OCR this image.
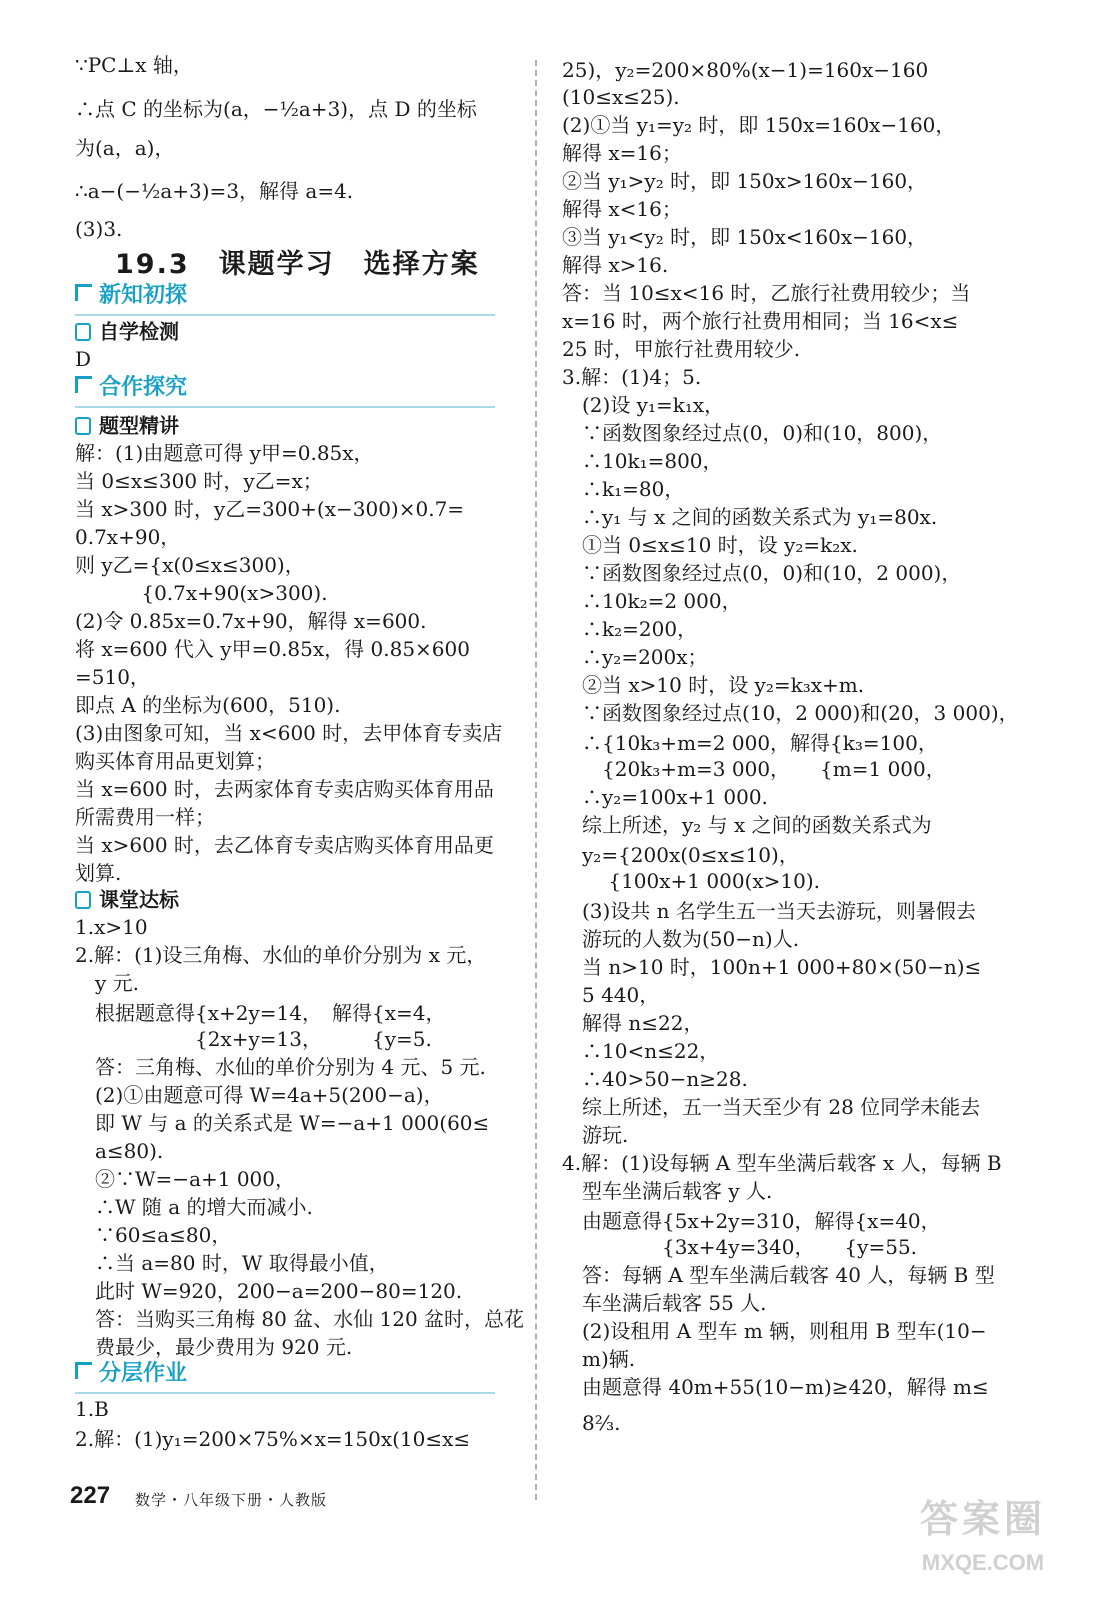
∵PC⊥x 轴，
∴点 C 的坐标为(a，−½a+3)，点 D 的坐标
为(a，a)，
∴a−(−½a+3)=3，解得 a=4.
(3)3.
19.3　课题学习　选择方案
新知初探
自学检测
D
合作探究
题型精讲
解：(1)由题意可得 y甲=0.85x，
当 0≤x≤300 时，y乙=x；
当 x>300 时，y乙=300+(x−300)×0.7=
0.7x+90，
则 y乙={x(0≤x≤300)，
　　　 {0.7x+90(x>300).
(2)令 0.85x=0.7x+90，解得 x=600.
将 x=600 代入 y甲=0.85x，得 0.85×600
=510，
即点 A 的坐标为(600，510).
(3)由图象可知，当 x<600 时，去甲体育专卖店
购买体育用品更划算；
当 x=600 时，去两家体育专卖店购买体育用品
所需费用一样；
当 x>600 时，去乙体育专卖店购买体育用品更
划算.
课堂达标
1.x>10
2.解：(1)设三角梅、水仙的单价分别为 x 元，
　y 元.
　根据题意得{x+2y=14，　解得{x=4，
　　　　　　{2x+y=13，　　　{y=5.
　答：三角梅、水仙的单价分别为 4 元、5 元.
　(2)①由题意可得 W=4a+5(200−a)，
　即 W 与 a 的关系式是 W=−a+1 000(60≤
　a≤80).
　②∵W=−a+1 000，
　∴W 随 a 的增大而减小.
　∵60≤a≤80，
　∴当 a=80 时，W 取得最小值，
　此时 W=920，200−a=200−80=120.
　答：当购买三角梅 80 盆、水仙 120 盆时，总花
　费最少，最少费用为 920 元.
分层作业
1.B
2.解：(1)y₁=200×75%×x=150x(10≤x≤
25)，y₂=200×80%(x−1)=160x−160
(10≤x≤25).
(2)①当 y₁=y₂ 时，即 150x=160x−160，
解得 x=16；
②当 y₁>y₂ 时，即 150x>160x−160，
解得 x<16；
③当 y₁<y₂ 时，即 150x<160x−160，
解得 x>16.
答：当 10≤x<16 时，乙旅行社费用较少；当
x=16 时，两个旅行社费用相同；当 16<x≤
25 时，甲旅行社费用较少.
3.解：(1)4；5.
　(2)设 y₁=k₁x，
　∵函数图象经过点(0，0)和(10，800)，
　∴10k₁=800，
　∴k₁=80，
　∴y₁ 与 x 之间的函数关系式为 y₁=80x.
　①当 0≤x≤10 时，设 y₂=k₂x.
　∵函数图象经过点(0，0)和(10，2 000)，
　∴10k₂=2 000，
　∴k₂=200，
　∴y₂=200x；
　②当 x>10 时，设 y₂=k₃x+m.
　∵函数图象经过点(10，2 000)和(20，3 000)，
　∴{10k₃+m=2 000，解得{k₃=100，
　　{20k₃+m=3 000，　　{m=1 000，
　∴y₂=100x+1 000.
　综上所述，y₂ 与 x 之间的函数关系式为
　y₂={200x(0≤x≤10)，
　　 {100x+1 000(x>10).
　(3)设共 n 名学生五一当天去游玩，则暑假去
　游玩的人数为(50−n)人.
　当 n>10 时，100n+1 000+80×(50−n)≤
　5 440，
　解得 n≤22，
　∴10<n≤22，
　∴40>50−n≥28.
　综上所述，五一当天至少有 28 位同学未能去
　游玩.
4.解：(1)设每辆 A 型车坐满后载客 x 人，每辆 B
　型车坐满后载客 y 人.
　由题意得{5x+2y=310，解得{x=40，
　　　　　{3x+4y=340，　　{y=55.
　答：每辆 A 型车坐满后载客 40 人，每辆 B 型
　车坐满后载客 55 人.
　(2)设租用 A 型车 m 辆，则租用 B 型车(10−
　m)辆.
　由题意得 40m+55(10−m)≥420，解得 m≤
　8⅔.
227 数学・八年级下册・人教版	答案圈
MXQE.COM
